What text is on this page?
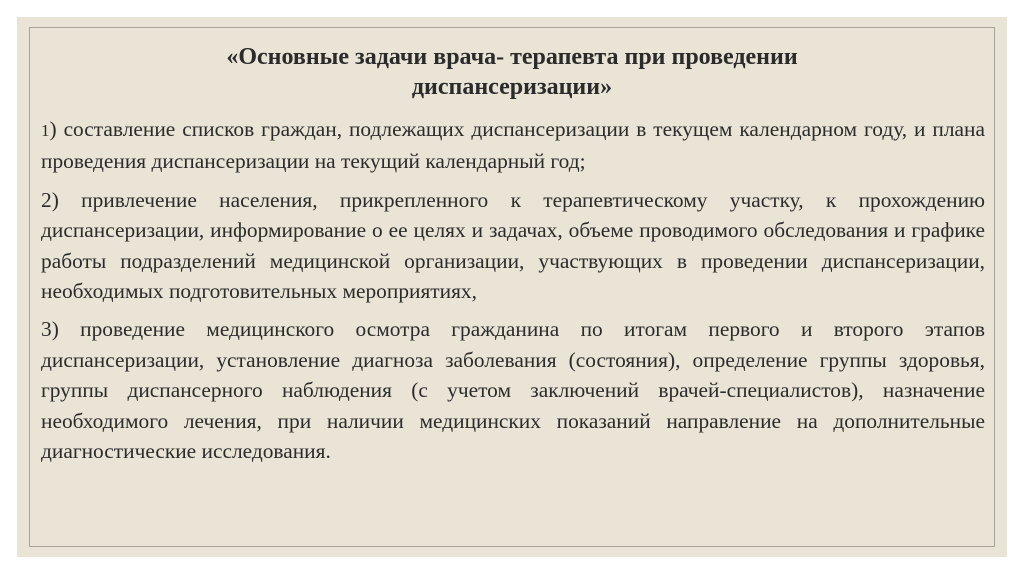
«Основные задачи врача- терапевта при проведении
диспансеризации»

1) составление списков граждан, подлежащих диспансеризации в текущем календарном году, и плана проведения диспансеризации на текущий календарный год;

2) привлечение населения, прикрепленного к терапевтическому участку, к прохождению диспансеризации, информирование о ее целях и задачах, объеме проводимого обследования и графике работы подразделений медицинской организации, участвующих в проведении диспансеризации, необходимых подготовительных мероприятиях,

3) проведение медицинского осмотра гражданина по итогам первого и второго этапов диспансеризации, установление диагноза заболевания (состояния), определение группы здоровья, группы диспансерного наблюдения (с учетом заключений врачей-специалистов), назначение необходимого лечения, при наличии медицинских показаний направление на дополнительные диагностические исследования.
